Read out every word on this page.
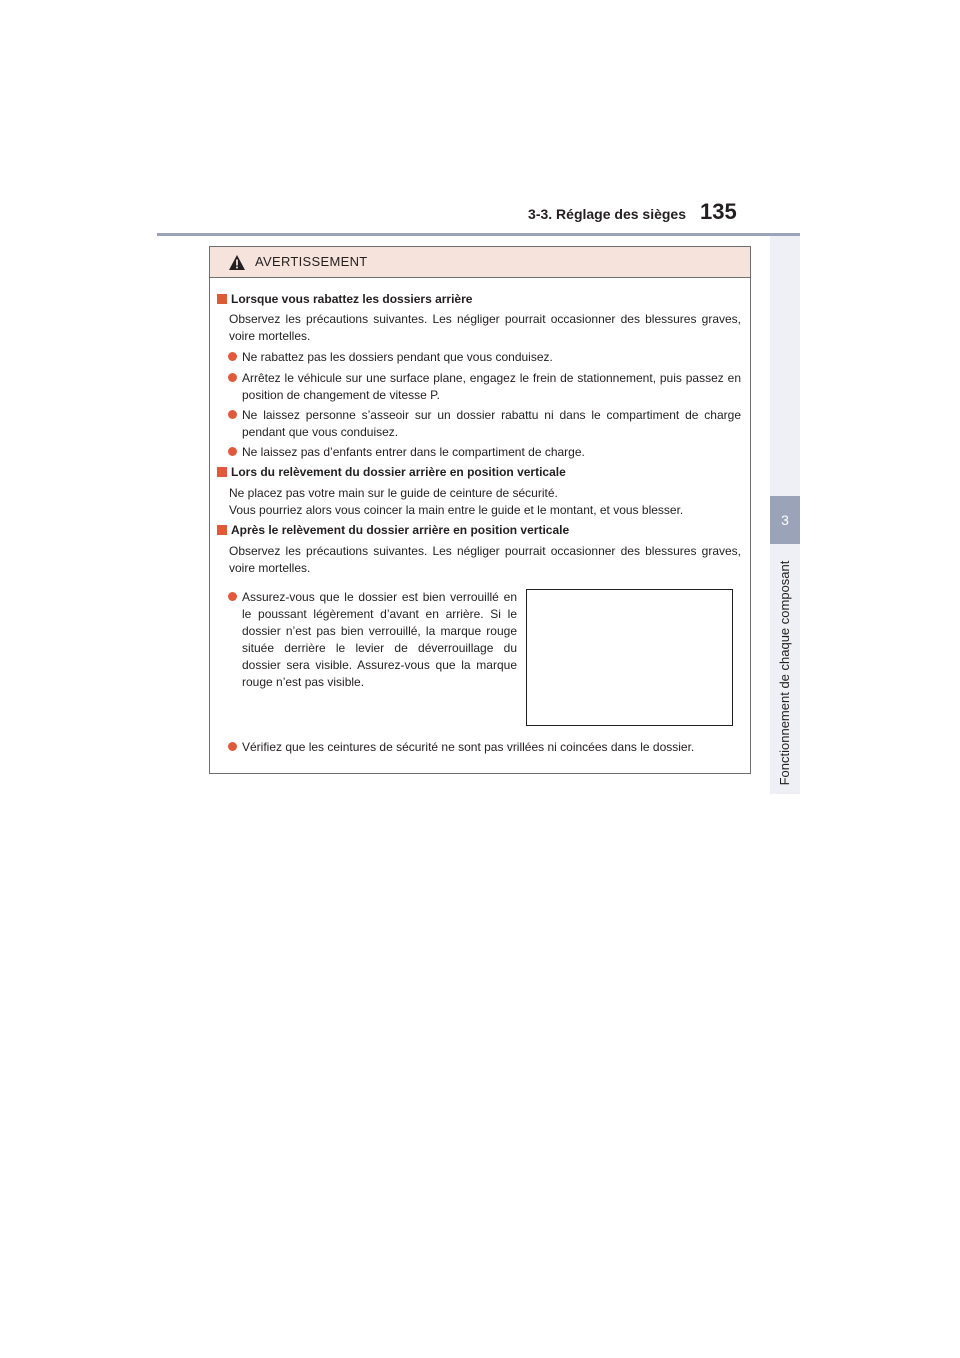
3-3. Réglage des sièges 135
3
Fonctionnement de chaque composant
AVERTISSEMENT
Lorsque vous rabattez les dossiers arrière
Observez les précautions suivantes. Les négliger pourrait occasionner des blessures graves, voire mortelles.
Ne rabattez pas les dossiers pendant que vous conduisez.
Arrêtez le véhicule sur une surface plane, engagez le frein de stationnement, puis passez en position de changement de vitesse P.
Ne laissez personne s’asseoir sur un dossier rabattu ni dans le compartiment de charge pendant que vous conduisez.
Ne laissez pas d’enfants entrer dans le compartiment de charge.
Lors du relèvement du dossier arrière en position verticale
Ne placez pas votre main sur le guide de ceinture de sécurité.
Vous pourriez alors vous coincer la main entre le guide et le montant, et vous blesser.
Après le relèvement du dossier arrière en position verticale
Observez les précautions suivantes. Les négliger pourrait occasionner des blessures graves, voire mortelles.
Assurez-vous que le dossier est bien verrouillé en le poussant légèrement d’avant en arrière. Si le dossier n’est pas bien verrouillé, la marque rouge située derrière le levier de déverrouillage du dossier sera visible. Assurez-vous que la marque rouge n’est pas visible.
Vérifiez que les ceintures de sécurité ne sont pas vrillées ni coincées dans le dossier.
